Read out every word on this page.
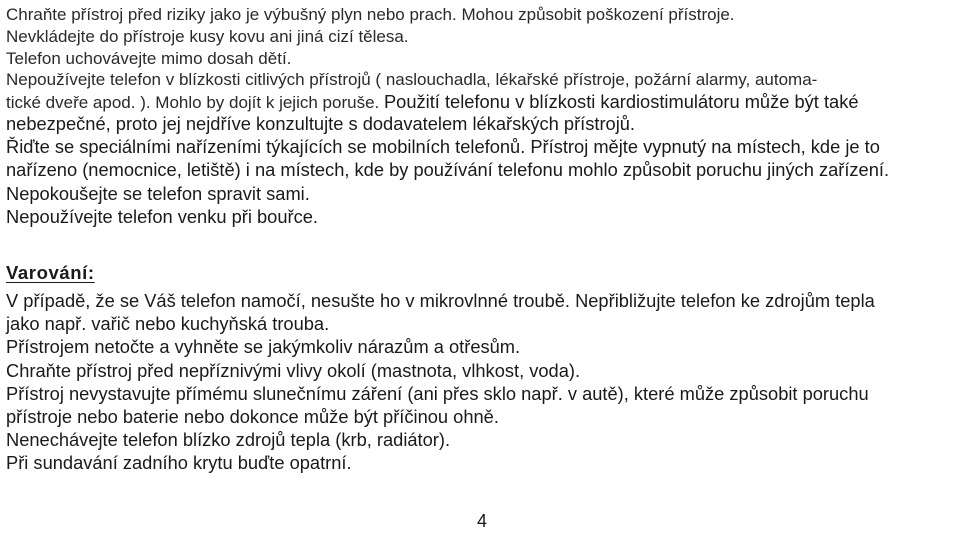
Chraňte přístroj před riziky jako je výbušný plyn nebo prach. Mohou způsobit poškození přístroje.

Nevkládejte do přístroje kusy kovu ani jiná cizí tělesa.

Telefon uchovávejte mimo dosah dětí.

Nepoužívejte telefon v blízkosti citlivých přístrojů ( naslouchadla, lékařské přístroje, požární alarmy, automa-

tické dveře apod. ). Mohlo by dojít k jejich poruše. Použití telefonu v blízkosti kardiostimulátoru může být také

nebezpečné, proto jej nejdříve konzultujte s dodavatelem lékařských přístrojů.

Řiďte se speciálními nařízeními týkajících se mobilních telefonů. Přístroj mějte vypnutý na místech, kde je to

nařízeno (nemocnice, letiště) i na místech, kde by používání telefonu mohlo způsobit poruchu jiných zařízení.

Nepokoušejte se telefon spravit sami.

Nepoužívejte telefon venku při bouřce.

Varování:

V případě, že se Váš telefon namočí, nesušte ho v mikrovlnné troubě. Nepřibližujte telefon ke zdrojům tepla

jako např. vařič nebo kuchyňská trouba.

Přístrojem netočte a vyhněte se jakýmkoliv nárazům a otřesům.

Chraňte přístroj před nepříznivými vlivy okolí (mastnota, vlhkost, voda).

Přístroj nevystavujte přímému slunečnímu záření (ani přes sklo např. v autě), které může způsobit poruchu

přístroje nebo baterie nebo dokonce může být příčinou ohně.

Nenechávejte telefon blízko zdrojů tepla (krb, radiátor).

Při sundavání zadního krytu buďte opatrní.

4
